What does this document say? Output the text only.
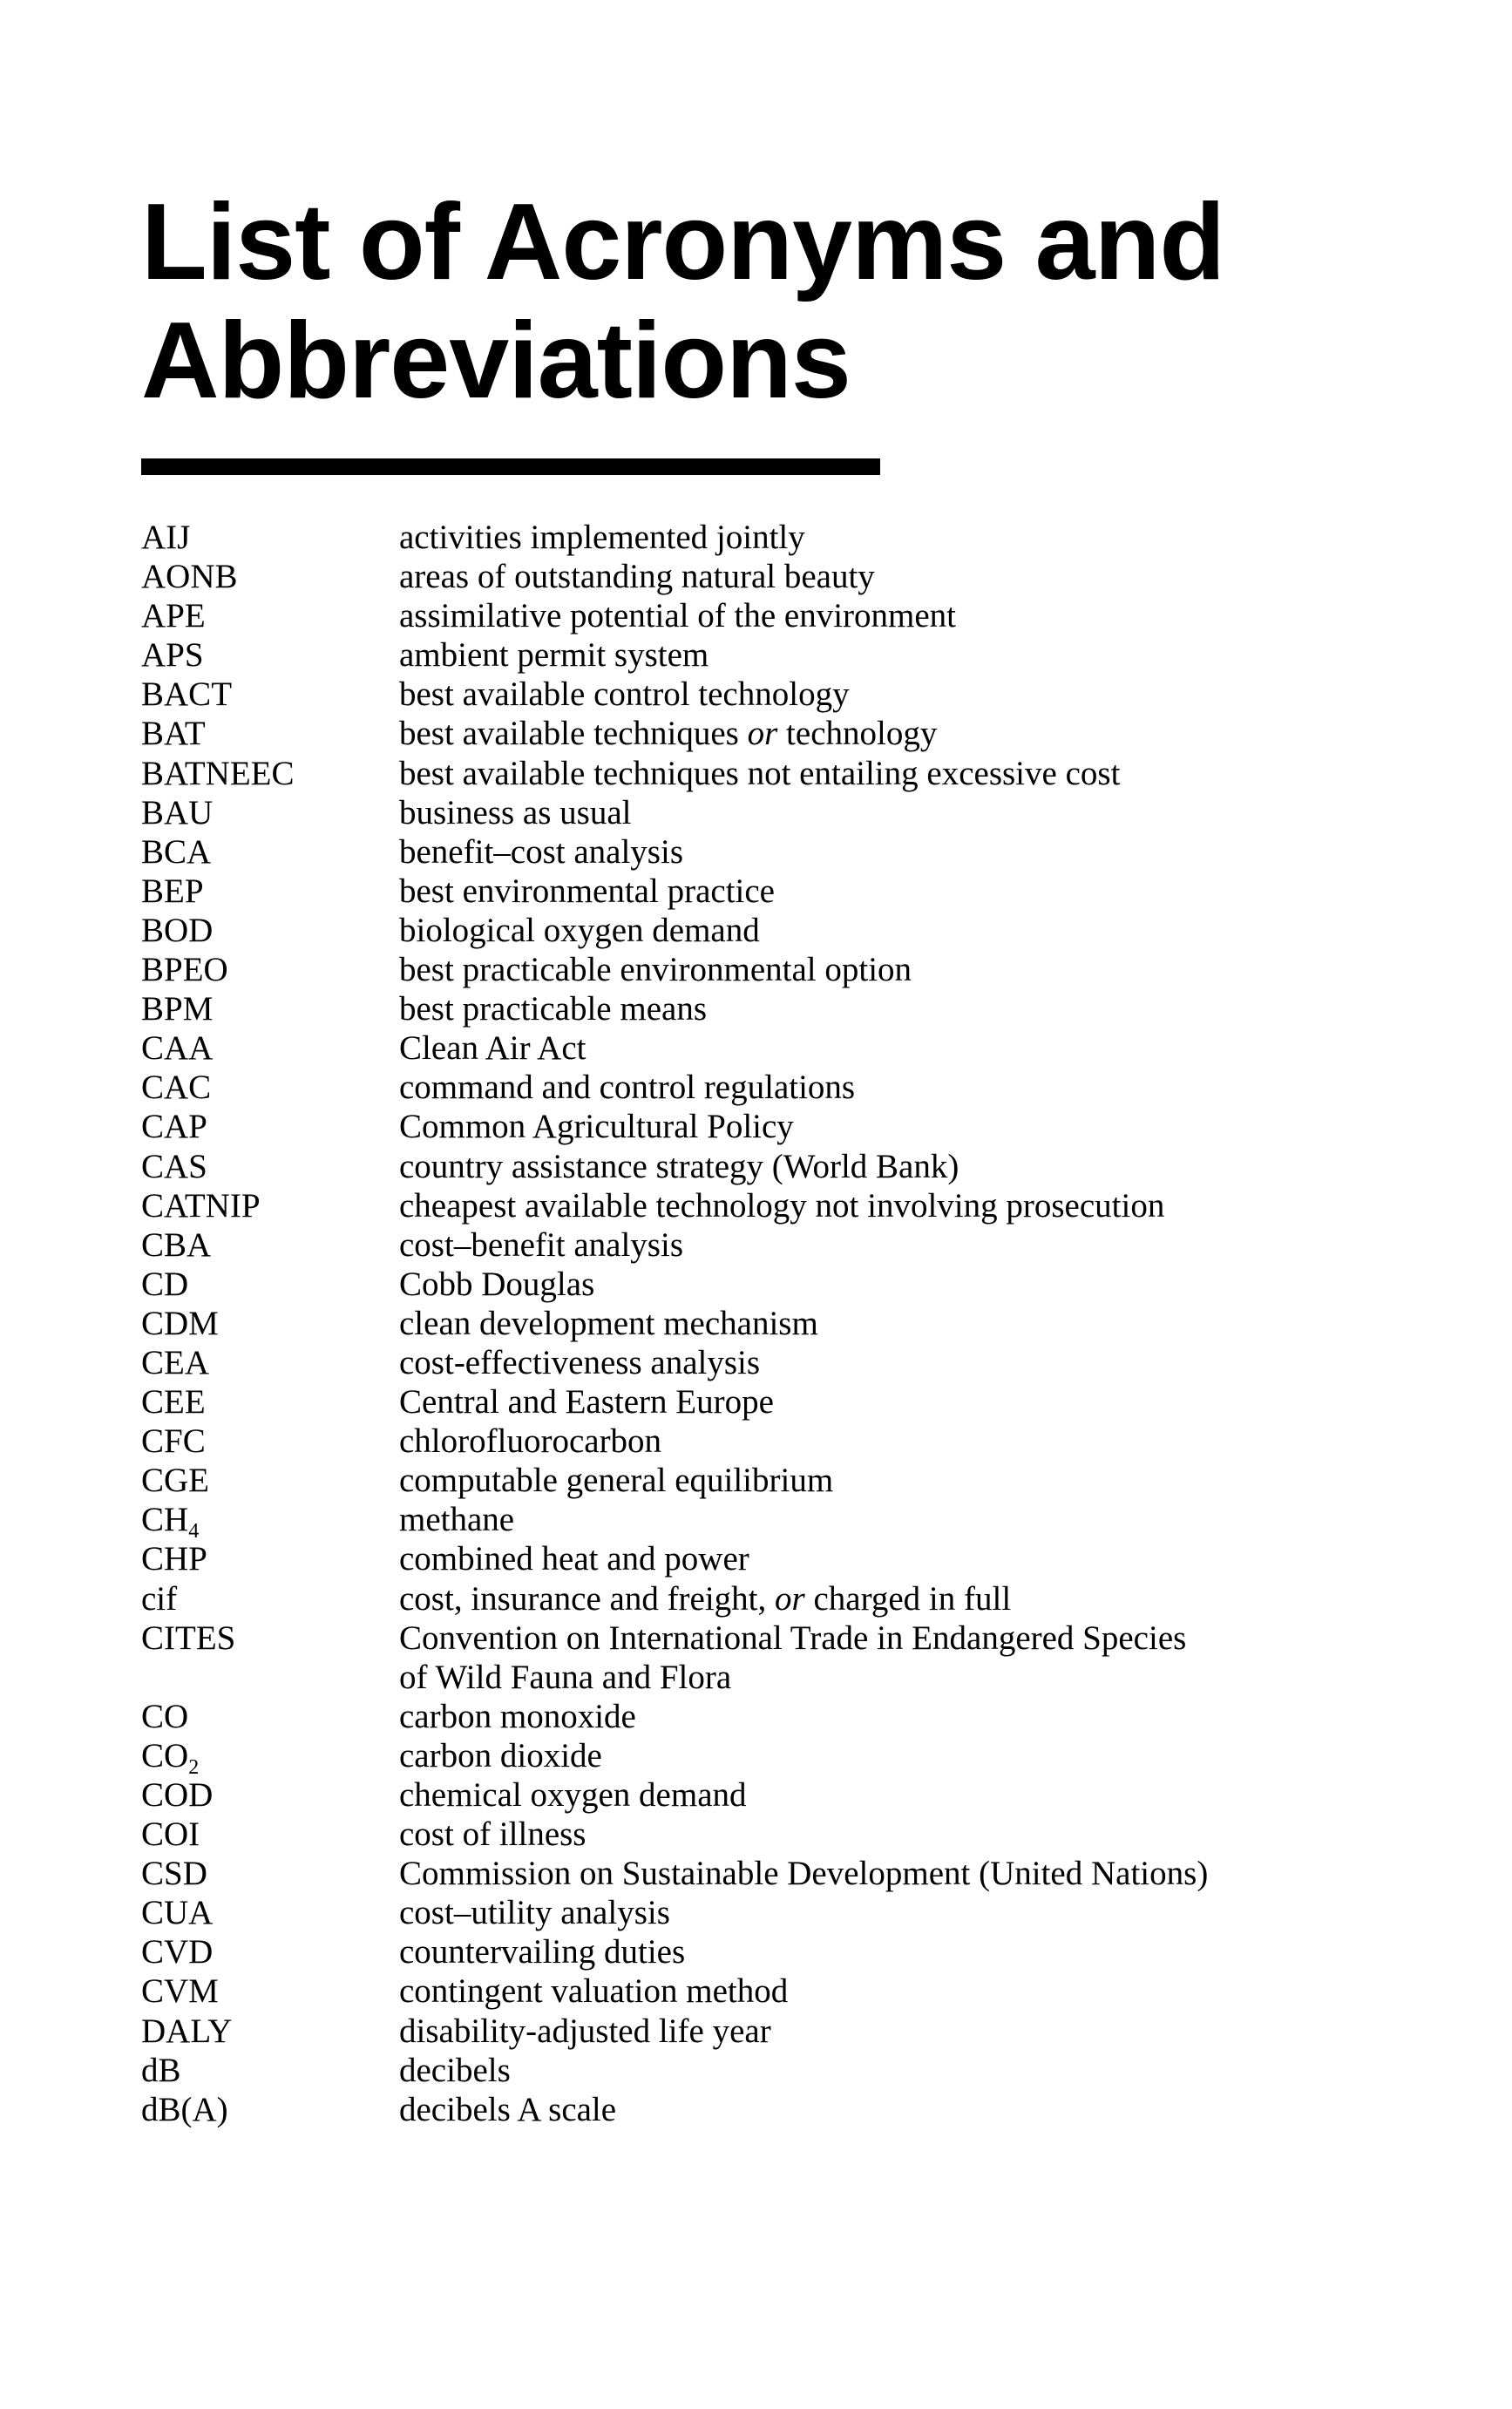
List of Acronyms and
Abbreviations
AIJ	activities implemented jointly
AONB	areas of outstanding natural beauty
APE	assimilative potential of the environment
APS	ambient permit system
BACT	best available control technology
BAT	best available techniques or technology
BATNEEC	best available techniques not entailing excessive cost
BAU	business as usual
BCA	benefit–cost analysis
BEP	best environmental practice
BOD	biological oxygen demand
BPEO	best practicable environmental option
BPM	best practicable means
CAA	Clean Air Act
CAC	command and control regulations
CAP	Common Agricultural Policy
CAS	country assistance strategy (World Bank)
CATNIP	cheapest available technology not involving prosecution
CBA	cost–benefit analysis
CD	Cobb Douglas
CDM	clean development mechanism
CEA	cost-effectiveness analysis
CEE	Central and Eastern Europe
CFC	chlorofluorocarbon
CGE	computable general equilibrium
$CH_4$	methane
CHP	combined heat and power
cif	cost, insurance and freight, or charged in full
CITES	Convention on International Trade in Endangered Species
of Wild Fauna and Flora
CO	carbon monoxide
$CO_2$	carbon dioxide
COD	chemical oxygen demand
COI	cost of illness
CSD	Commission on Sustainable Development (United Nations)
CUA	cost–utility analysis
CVD	countervailing duties
CVM	contingent valuation method
DALY	disability-adjusted life year
dB	decibels
dB(A)	decibels A scale
